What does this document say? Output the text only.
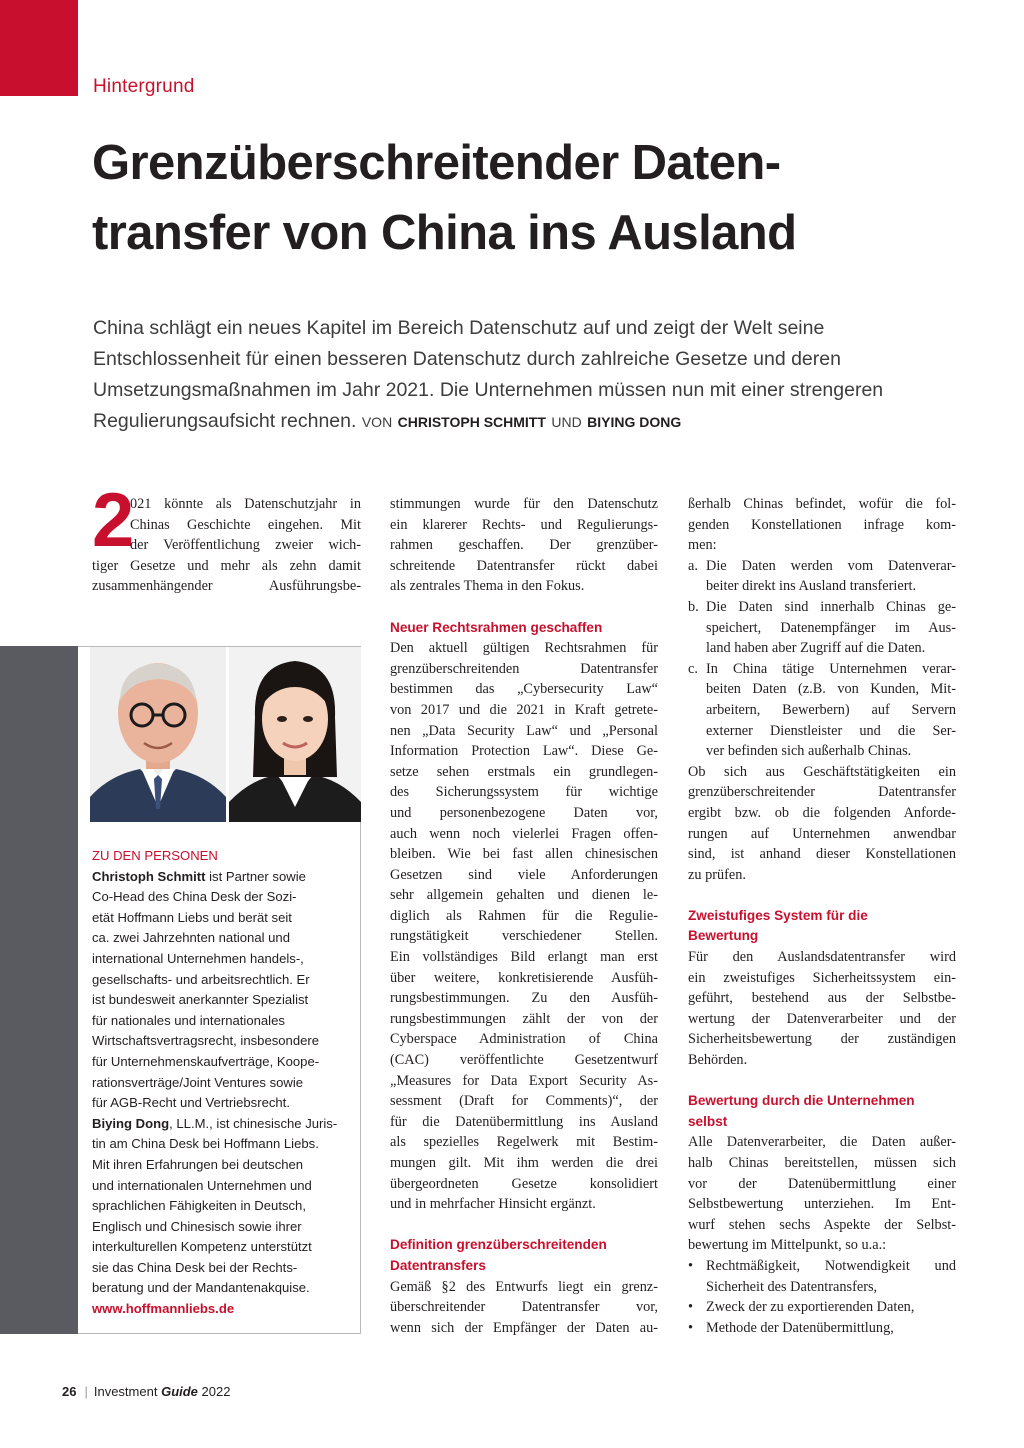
Hintergrund
Grenzüberschreitender Daten-
transfer von China ins Ausland
China schlägt ein neues Kapitel im Bereich Datenschutz auf und zeigt der Welt seine
Entschlossenheit für einen besseren Datenschutz durch zahlreiche Gesetze und deren
Umsetzungsmaßnahmen im Jahr 2021. Die Unternehmen müssen nun mit einer strengeren
Regulierungsaufsicht rechnen. VON CHRISTOPH SCHMITT UND BIYING DONG
2
021 könnte als Datenschutzjahr in
Chinas Geschichte eingehen. Mit
der Veröffentlichung zweier wich-
tiger Gesetze und mehr als zehn damit
zusammenhängender Ausführungsbe-
ZU DEN PERSONEN
Christoph Schmitt ist Partner sowie
Co-Head des China Desk der Sozi-
etät Hoffmann Liebs und berät seit
ca. zwei Jahrzehnten national und
international Unternehmen handels-,
gesellschafts- und arbeitsrechtlich. Er
ist bundesweit anerkannter Spezialist
für nationales und internationales
Wirtschaftsvertragsrecht, insbesondere
für Unternehmenskaufverträge, Koope-
rationsverträge/Joint Ventures sowie
für AGB-Recht und Vertriebsrecht.
Biying Dong, LL.M., ist chinesische Juris-
tin am China Desk bei Hoffmann Liebs.
Mit ihren Erfahrungen bei deutschen
und internationalen Unternehmen und
sprachlichen Fähigkeiten in Deutsch,
Englisch und Chinesisch sowie ihrer
interkulturellen Kompetenz unterstützt
sie das China Desk bei der Rechts-
beratung und der Mandantenakquise.
www.hoffmannliebs.de
stimmungen wurde für den Datenschutz
ein klarerer Rechts- und Regulierungs-
rahmen geschaffen. Der grenzüber-
schreitende Datentransfer rückt dabei
als zentrales Thema in den Fokus.
Neuer Rechtsrahmen geschaffen
Den aktuell gültigen Rechtsrahmen für
grenzüberschreitenden Datentransfer
bestimmen das „Cybersecurity Law“
von 2017 und die 2021 in Kraft getrete-
nen „Data Security Law“ und „Personal
Information Protection Law“. Diese Ge-
setze sehen erstmals ein grundlegen-
des Sicherungssystem für wichtige
und personenbezogene Daten vor,
auch wenn noch vielerlei Fragen offen-
bleiben. Wie bei fast allen chinesischen
Gesetzen sind viele Anforderungen
sehr allgemein gehalten und dienen le-
diglich als Rahmen für die Regulie-
rungstätigkeit verschiedener Stellen.
Ein vollständiges Bild erlangt man erst
über weitere, konkretisierende Ausfüh-
rungsbestimmungen. Zu den Ausfüh-
rungsbestimmungen zählt der von der
Cyberspace Administration of China
(CAC) veröffentlichte Gesetzentwurf
„Measures for Data Export Security As-
sessment (Draft for Comments)“, der
für die Datenübermittlung ins Ausland
als spezielles Regelwerk mit Bestim-
mungen gilt. Mit ihm werden die drei
übergeordneten Gesetze konsolidiert
und in mehrfacher Hinsicht ergänzt.
Definition grenzüberschreitenden
Datentransfers
Gemäß §2 des Entwurfs liegt ein grenz-
überschreitender Datentransfer vor,
wenn sich der Empfänger der Daten au-
ßerhalb Chinas befindet, wofür die fol-
genden Konstellationen infrage kom-
men:
a. Die Daten werden vom Datenverar-
beiter direkt ins Ausland transferiert.
b. Die Daten sind innerhalb Chinas ge-
speichert, Datenempfänger im Aus-
land haben aber Zugriff auf die Daten.
c. In China tätige Unternehmen verar-
beiten Daten (z.B. von Kunden, Mit-
arbeitern, Bewerbern) auf Servern
externer Dienstleister und die Ser-
ver befinden sich außerhalb Chinas.
Ob sich aus Geschäftstätigkeiten ein
grenzüberschreitender Datentransfer
ergibt bzw. ob die folgenden Anforde-
rungen auf Unternehmen anwendbar
sind, ist anhand dieser Konstellationen
zu prüfen.
Zweistufiges System für die
Bewertung
Für den Auslandsdatentransfer wird
ein zweistufiges Sicherheitssystem ein-
geführt, bestehend aus der Selbstbe-
wertung der Datenverarbeiter und der
Sicherheitsbewertung der zuständigen
Behörden.
Bewertung durch die Unternehmen
selbst
Alle Datenverarbeiter, die Daten außer-
halb Chinas bereitstellen, müssen sich
vor der Datenübermittlung einer
Selbstbewertung unterziehen. Im Ent-
wurf stehen sechs Aspekte der Selbst-
bewertung im Mittelpunkt, so u.a.:
• Rechtmäßigkeit, Notwendigkeit und
Sicherheit des Datentransfers,
• Zweck der zu exportierenden Daten,
• Methode der Datenübermittlung,
26 | Investment Guide 2022
